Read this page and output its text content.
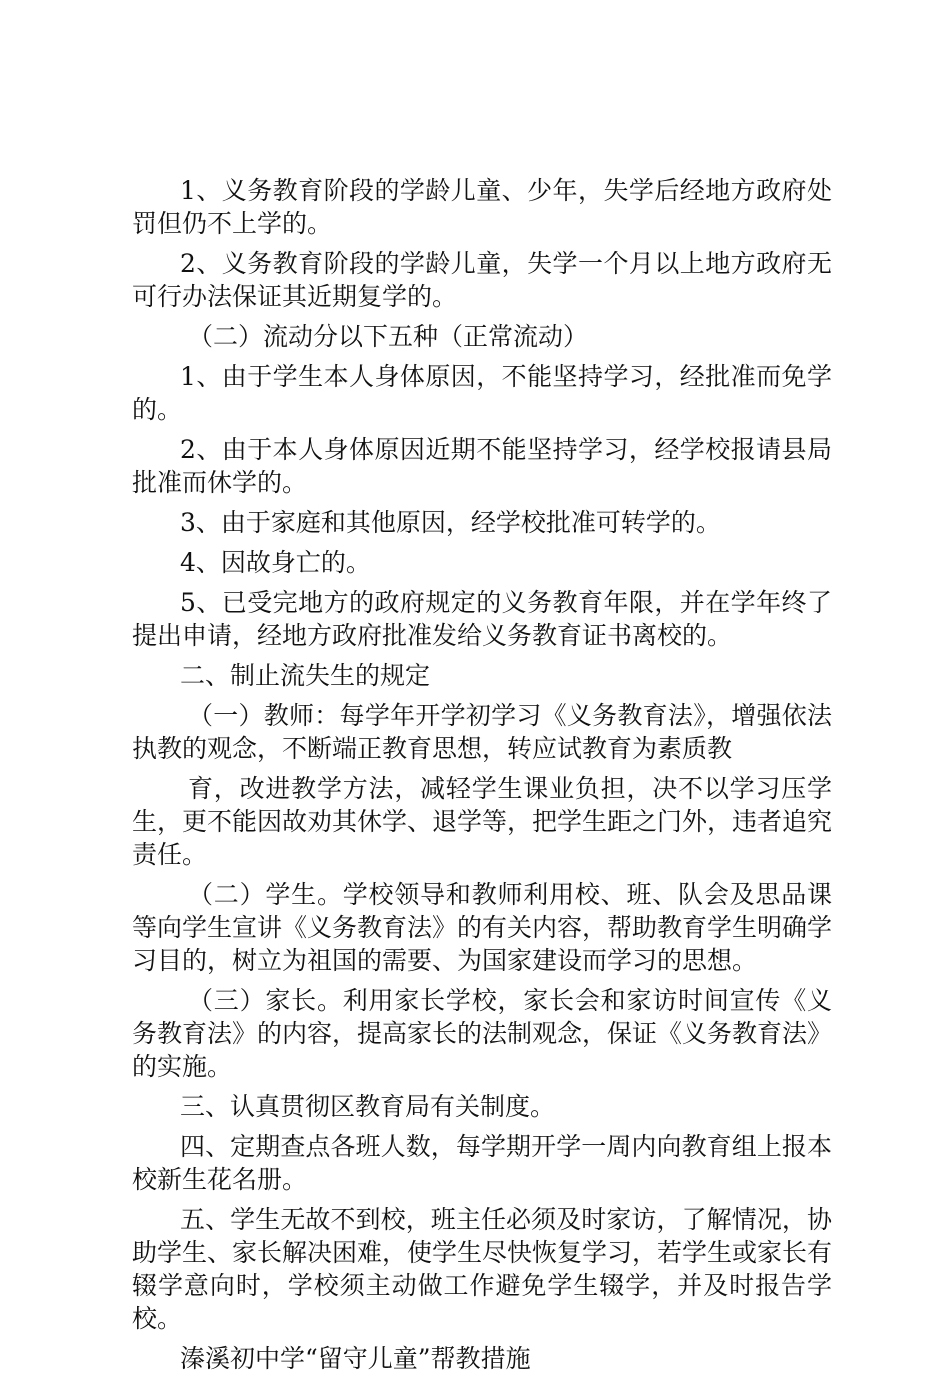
1、义务教育阶段的学龄儿童、少年，失学后经地方政府处罚但仍不上学的。

2、义务教育阶段的学龄儿童，失学一个月以上地方政府无可行办法保证其近期复学的。

（二）流动分以下五种（正常流动）

1、由于学生本人身体原因，不能坚持学习，经批准而免学的。

2、由于本人身体原因近期不能坚持学习，经学校报请县局批准而休学的。

3、由于家庭和其他原因，经学校批准可转学的。

4、因故身亡的。

5、已受完地方的政府规定的义务教育年限，并在学年终了提出申请，经地方政府批准发给义务教育证书离校的。

二、制止流失生的规定

（一）教师：每学年开学初学习《义务教育法》，增强依法执教的观念，不断端正教育思想，转应试教育为素质教

育，改进教学方法，减轻学生课业负担，决不以学习压学生，更不能因故劝其休学、退学等，把学生距之门外，违者追究责任。

（二）学生。学校领导和教师利用校、班、队会及思品课等向学生宣讲《义务教育法》的有关内容，帮助教育学生明确学习目的，树立为祖国的需要、为国家建设而学习的思想。

（三）家长。利用家长学校，家长会和家访时间宣传《义务教育法》的内容，提高家长的法制观念，保证《义务教育法》的实施。

三、认真贯彻区教育局有关制度。

四、定期查点各班人数，每学期开学一周内向教育组上报本校新生花名册。

五、学生无故不到校，班主任必须及时家访，了解情况，协助学生、家长解决困难，使学生尽快恢复学习，若学生或家长有辍学意向时，学校须主动做工作避免学生辍学，并及时报告学校。

溱溪初中学“留守儿童”帮教措施
